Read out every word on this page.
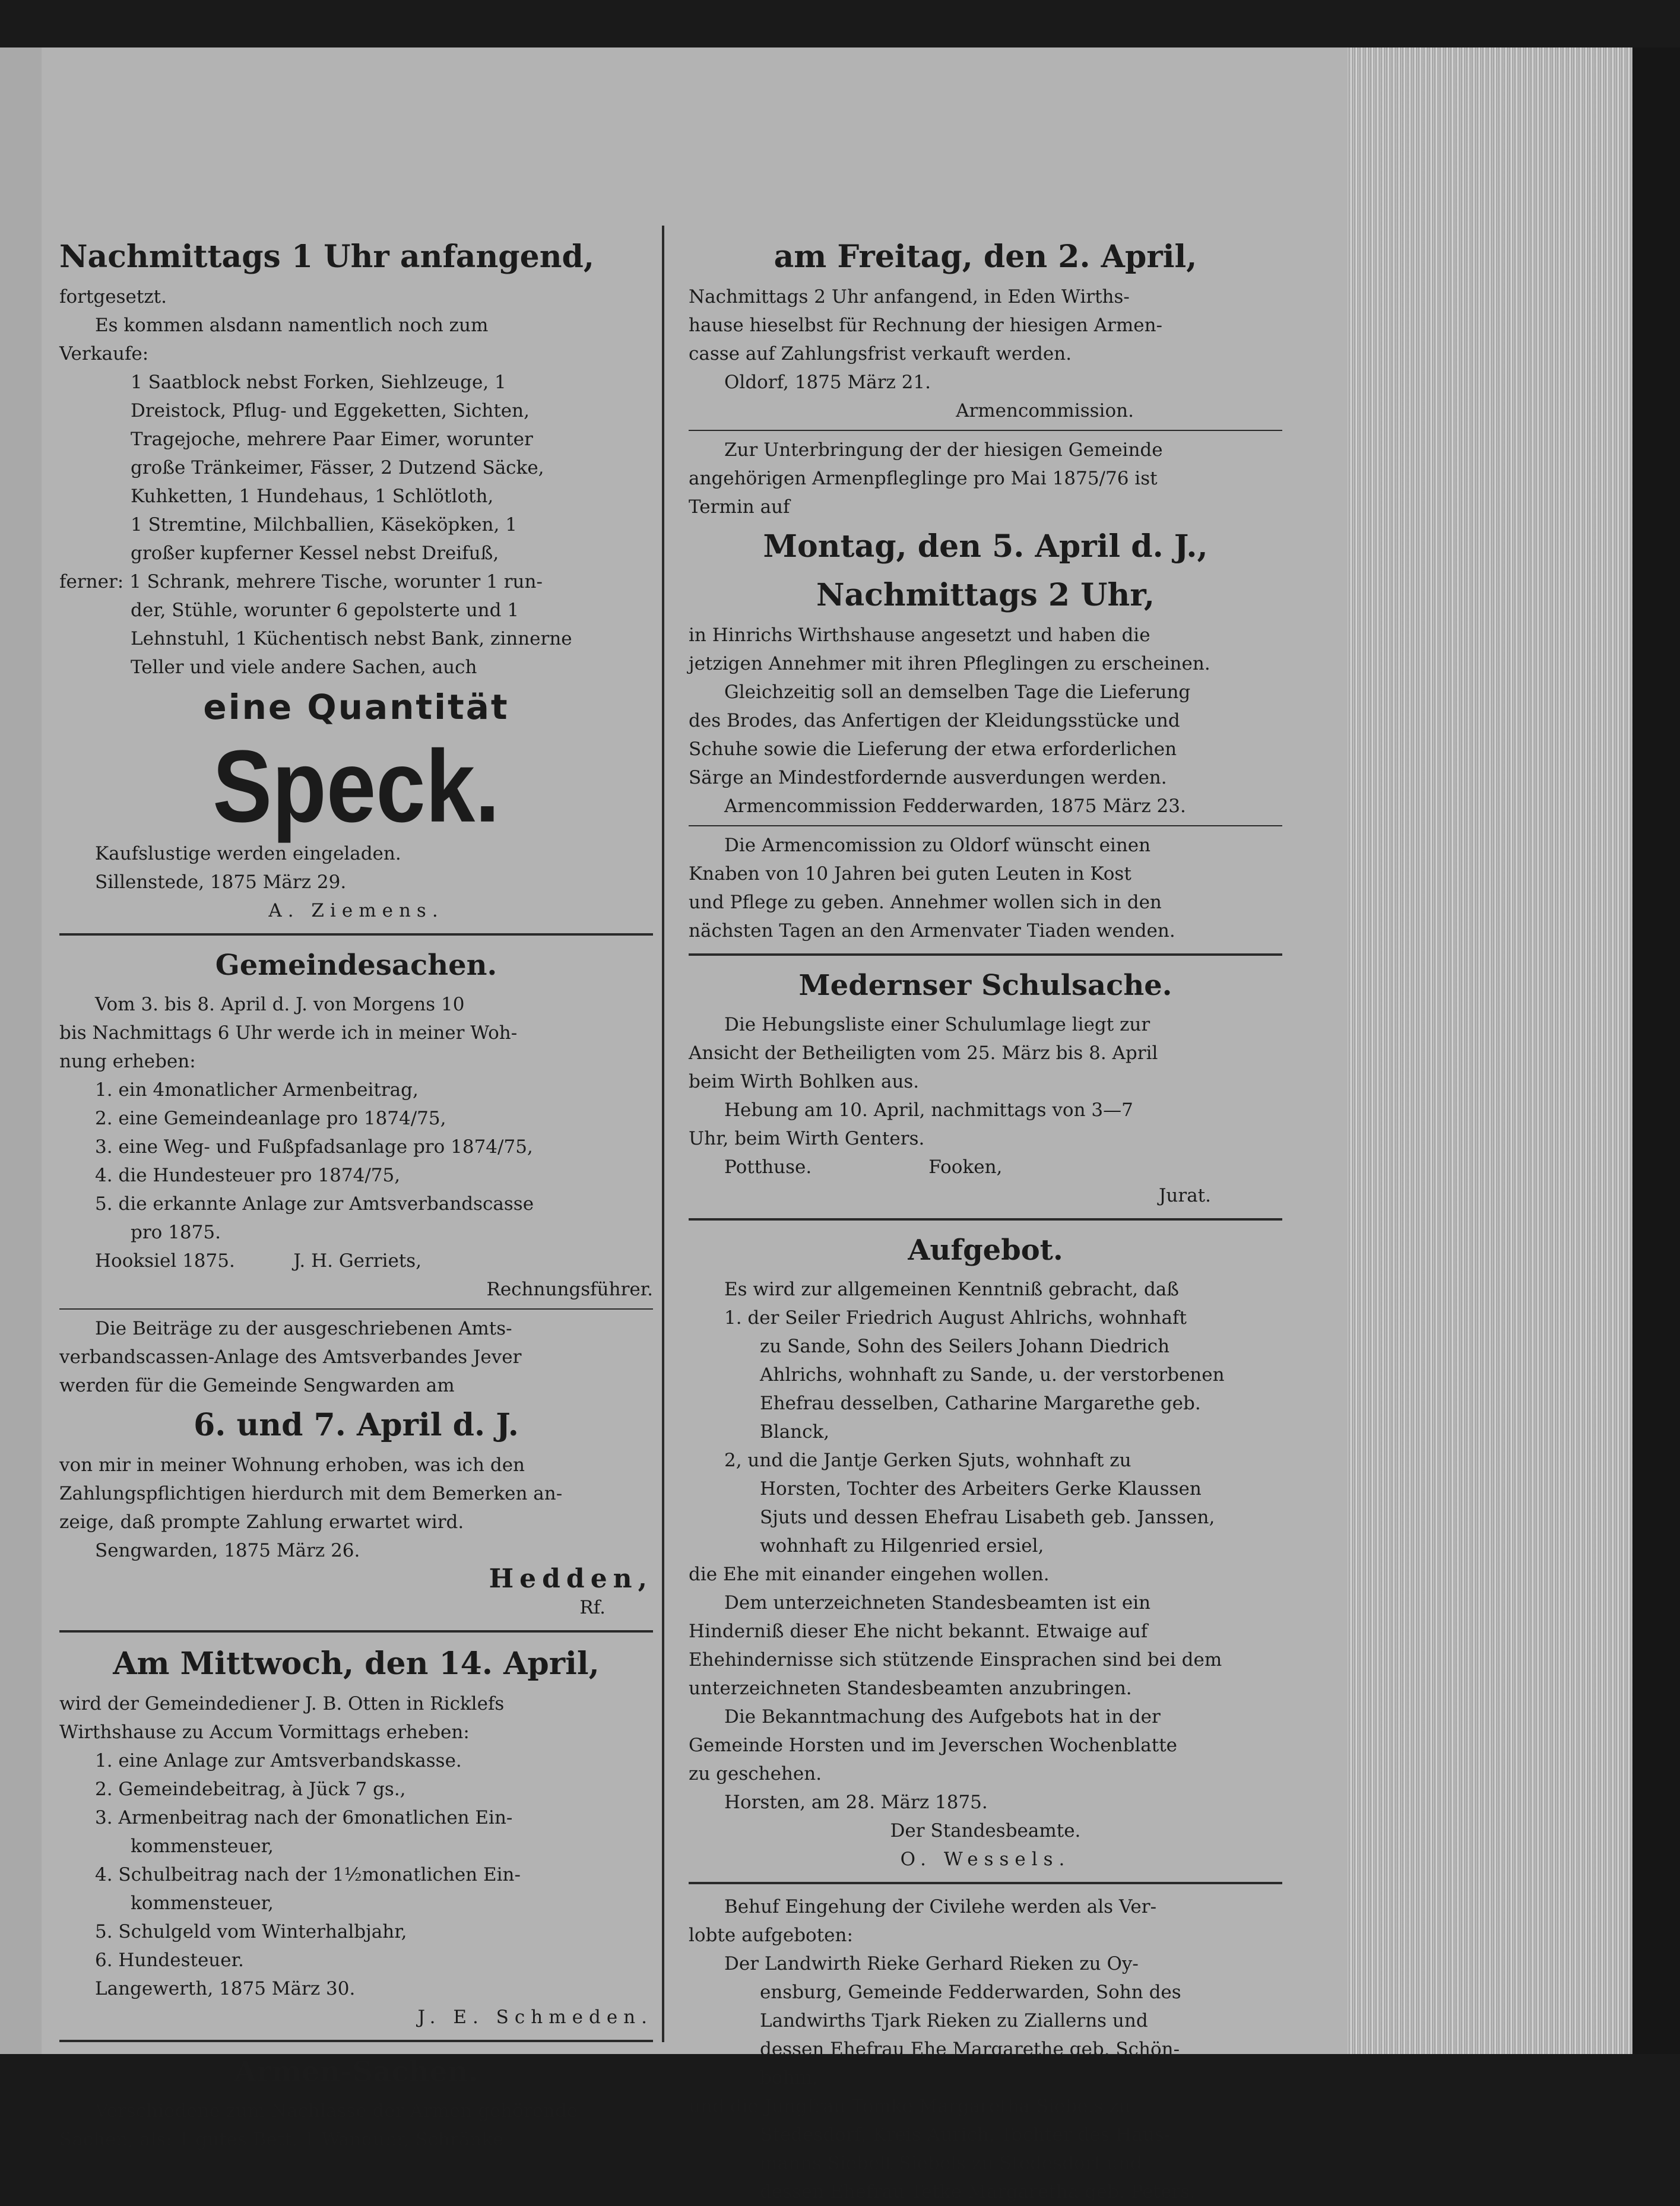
Nachmittags 1 Uhr anfangend,

fortgesetzt.

Es kommen alsdann namentlich noch zum

Verkaufe:

1 Saatblock nebst Forken, Siehlzeuge, 1

Dreistock, Pflug- und Eggeketten, Sichten,

Tragejoche, mehrere Paar Eimer, worunter

große Tränkeimer, Fässer, 2 Dutzend Säcke,

Kuhketten, 1 Hundehaus, 1 Schlötloth,

1 Stremtine, Milchballien, Käseköpken, 1

großer kupferner Kessel nebst Dreifuß,

ferner: 1 Schrank, mehrere Tische, worunter 1 run-

der, Stühle, worunter 6 gepolsterte und 1

Lehnstuhl, 1 Küchentisch nebst Bank, zinnerne

Teller und viele andere Sachen, auch

eine Quantität

Speck.

Kaufslustige werden eingeladen.

Sillenstede, 1875 März 29.

A. Ziemens.

Gemeindesachen.

Vom 3. bis 8. April d. J. von Morgens 10

bis Nachmittags 6 Uhr werde ich in meiner Woh-

nung erheben:

1. ein 4monatlicher Armenbeitrag,

2. eine Gemeindeanlage pro 1874/75,

3. eine Weg- und Fußpfadsanlage pro 1874/75,

4. die Hundesteuer pro 1874/75,

5. die erkannte Anlage zur Amtsverbandscasse

pro 1875.

Hooksiel 1875.          J. H. Gerriets,

Rechnungsführer.

Die Beiträge zu der ausgeschriebenen Amts-

verbandscassen-Anlage des Amtsverbandes Jever

werden für die Gemeinde Sengwarden am

6. und 7. April d. J.

von mir in meiner Wohnung erhoben, was ich den

Zahlungspflichtigen hierdurch mit dem Bemerken an-

zeige, daß prompte Zahlung erwartet wird.

Sengwarden, 1875 März 26.

Hedden,

Rf.

Am Mittwoch, den 14. April,

wird der Gemeindediener J. B. Otten in Ricklefs

Wirthshause zu Accum Vormittags erheben:

1. eine Anlage zur Amtsverbandskasse.

2. Gemeindebeitrag, à Jück 7 gs.,

3. Armenbeitrag nach der 6monatlichen Ein-

kommensteuer,

4. Schulbeitrag nach der 1½monatlichen Ein-

kommensteuer,

5. Schulgeld vom Winterhalbjahr,

6. Hundesteuer.

Langewerth, 1875 März 30.

J. E. Schmeden.

Armen-Sachen.

Verschiedene zum Nachlasse der Armen gehörende

Sachen, als: 1 gutes Bett, 1 Wanduhr, Schränke

am Freitag, den 2. April,

Nachmittags 2 Uhr anfangend, in Eden Wirths-

hause hieselbst für Rechnung der hiesigen Armen-

casse auf Zahlungsfrist verkauft werden.

Oldorf, 1875 März 21.

Armencommission.

Zur Unterbringung der der hiesigen Gemeinde

angehörigen Armenpfleglinge pro Mai 1875/76 ist

Termin auf

Montag, den 5. April d. J.,

Nachmittags 2 Uhr,

in Hinrichs Wirthshause angesetzt und haben die

jetzigen Annehmer mit ihren Pfleglingen zu erscheinen.

Gleichzeitig soll an demselben Tage die Lieferung

des Brodes, das Anfertigen der Kleidungsstücke und

Schuhe sowie die Lieferung der etwa erforderlichen

Särge an Mindestfordernde ausverdungen werden.

Armencommission Fedderwarden, 1875 März 23.

Die Armencomission zu Oldorf wünscht einen

Knaben von 10 Jahren bei guten Leuten in Kost

und Pflege zu geben. Annehmer wollen sich in den

nächsten Tagen an den Armenvater Tiaden wenden.

Medernser Schulsache.

Die Hebungsliste einer Schulumlage liegt zur

Ansicht der Betheiligten vom 25. März bis 8. April

beim Wirth Bohlken aus.

Hebung am 10. April, nachmittags von 3—7

Uhr, beim Wirth Genters.

Potthuse.                    Fooken,

Jurat.

Aufgebot.

Es wird zur allgemeinen Kenntniß gebracht, daß

1. der Seiler Friedrich August Ahlrichs, wohnhaft

zu Sande, Sohn des Seilers Johann Diedrich

Ahlrichs, wohnhaft zu Sande, u. der verstorbenen

Ehefrau desselben, Catharine Margarethe geb.

Blanck,

2, und die Jantje Gerken Sjuts, wohnhaft zu

Horsten, Tochter des Arbeiters Gerke Klaussen

Sjuts und dessen Ehefrau Lisabeth geb. Janssen,

wohnhaft zu Hilgenried ersiel,

die Ehe mit einander eingehen wollen.

Dem unterzeichneten Standesbeamten ist ein

Hinderniß dieser Ehe nicht bekannt. Etwaige auf

Ehehindernisse sich stützende Einsprachen sind bei dem

unterzeichneten Standesbeamten anzubringen.

Die Bekanntmachung des Aufgebots hat in der

Gemeinde Horsten und im Jeverschen Wochenblatte

zu geschehen.

Horsten, am 28. März 1875.

Der Standesbeamte.

O. Wessels.

Behuf Eingehung der Civilehe werden als Ver-

lobte aufgeboten:

Der Landwirth Rieke Gerhard Rieken zu Oy-

ensburg, Gemeinde Fedderwarden, Sohn des

Landwirths Tjark Rieken zu Ziallerns und

dessen Ehefrau Ehe Margarethe geb. Schön-

bohm,

und die Jungfrau Tomke Margaretha Siebels zu

Stedesdorf, Kreis Aurich, Tochter des Haus-

manns Siebelt Siebels zu Stedesdorf und

dessen Ehefrau Tetke Margaretha geb. Peters.
